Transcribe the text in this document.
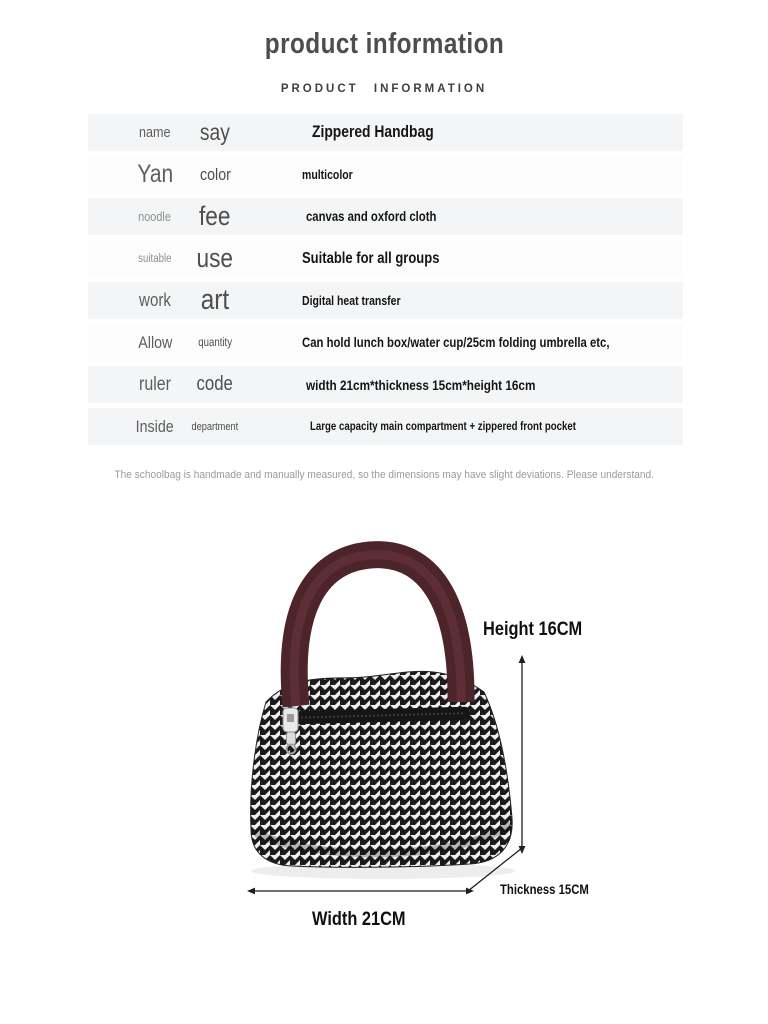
product information
PRODUCT INFORMATION
name say	Zippered Handbag
Yan color	multicolor
noodle fee	canvas and oxford cloth
suitable use	Suitable for all groups
work art	Digital heat transfer
Allow quantity	Can hold lunch box/water cup/25cm folding umbrella etc,
ruler code	width 21cm*thickness 15cm*height 16cm
Inside department	Large capacity main compartment + zippered front pocket
The schoolbag is handmade and manually measured, so the dimensions may have slight deviations. Please understand.
Height 16CM
Thickness 15CM
Width 21CM
